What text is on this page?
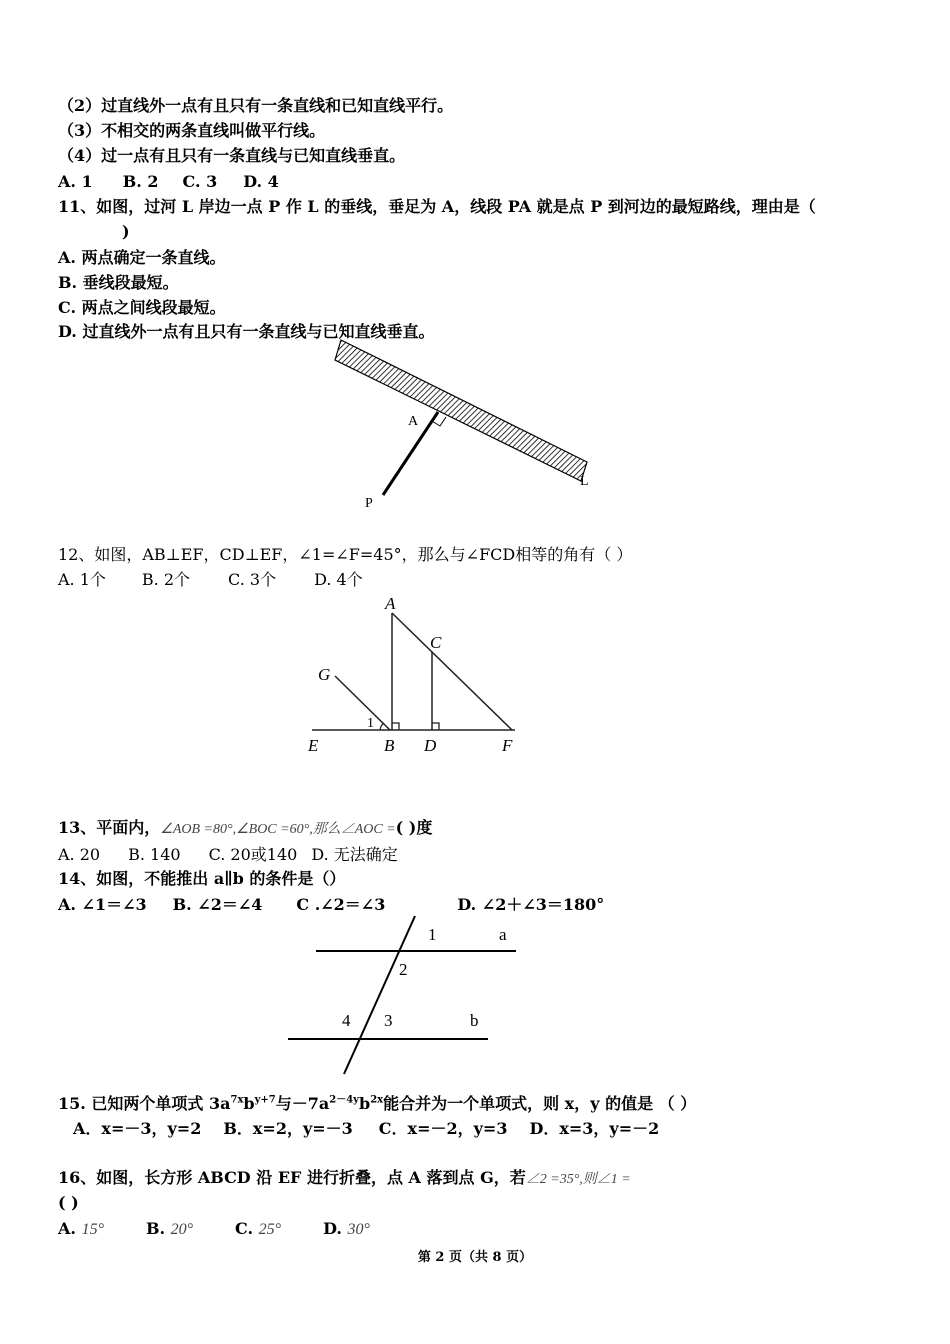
（2）过直线外一点有且只有一条直线和已知直线平行。
（3）不相交的两条直线叫做平行线。
（4）过一点有且只有一条直线与已知直线垂直。
A. 1 B. 2 C. 3 D. 4
11、如图，过河 L 岸边一点 P 作 L 的垂线，垂足为 A，线段 PA 就是点 P 到河边的最短路线，理由是（
)
A. 两点确定一条直线。
B. 垂线段最短。
C. 两点之间线段最短。
D. 过直线外一点有且只有一条直线与已知直线垂直。
A
P
L
12、如图，AB⊥EF，CD⊥EF，∠1=∠F=45°，那么与∠FCD相等的角有（ ）
A. 1个 B. 2个 C. 3个 D. 4个
A
C
G
1
E	B D	F
13、平面内，∠AOB =80°,∠BOC =60°,那么∠AOC =( )度
A. 20 B. 140 C. 20或140 D. 无法确定
14、如图，不能推出 a∥b 的条件是（）
A. ∠1＝∠3 B. ∠2＝∠4 C .∠2＝∠3	D. ∠2＋∠3＝180°
1	a
2
4 3	b
15. 已知两个单项式 $3a^{7x}b^{y+7}$与$-7a^{2-4y}b^{2x}$能合并为一个单项式，则 x，y 的值是 （ ）
A．x=－3，y=2 B．x=2，y=－3 C．x=－2，y=3 D．x=3，y=－2
16、如图，长方形 ABCD 沿 EF 进行折叠，点 A 落到点 G，若∠2 =35°,则∠1 =
( )
A. 15°	B. 20°	C. 25°	D. 30°
第 2 页（共 8 页）
